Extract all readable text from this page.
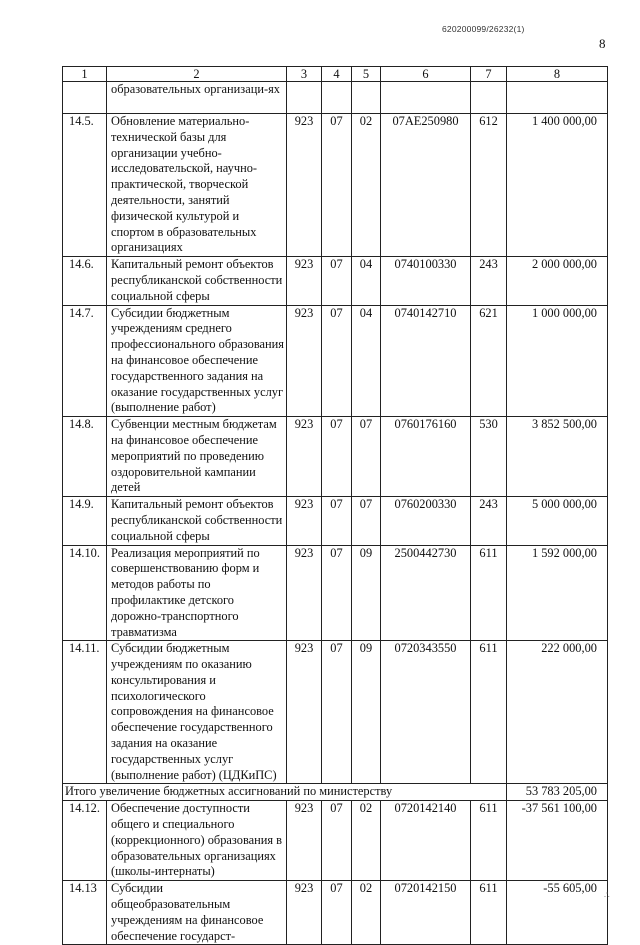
620200099/26232(1)
8
1	2	3	4	5	6	7	8
	образовательных организаци-ях						
14.5.	Обновление материально-технической базы для организации учебно-исследовательской, научно-практической, творческой деятельности, занятий физической культурой и спортом в образовательных организациях	923	07	02	07АЕ250980	612	1 400 000,00
14.6.	Капитальный ремонт объектов республиканской собственности социальной сферы	923	07	04	0740100330	243	2 000 000,00
14.7.	Субсидии бюджетным учреждениям среднего профессионального образования на финансовое обеспечение государственного задания на оказание государственных услуг (выполнение работ)	923	07	04	0740142710	621	1 000 000,00
14.8.	Субвенции местным бюджетам на финансовое обеспечение мероприятий по проведению оздоровительной кампании детей	923	07	07	0760176160	530	3 852 500,00
14.9.	Капитальный ремонт объектов республиканской собственности социальной сферы	923	07	07	0760200330	243	5 000 000,00
14.10.	Реализация мероприятий по совершенствованию форм и методов работы по профилактике детского дорожно-транспортного травматизма	923	07	09	2500442730	611	1 592 000,00
14.11.	Субсидии бюджетным учреждениям по оказанию консультирования и психологического сопровождения на финансовое обеспечение государственного задания на оказание государственных услуг (выполнение работ) (ЦДКиПС)	923	07	09	0720343550	611	222 000,00
Итого увеличение бюджетных ассигнований по министерству							53 783 205,00
14.12.	Обеспечение доступности общего и специального (коррекционного) образования в образовательных организациях (школы-интернаты)	923	07	02	0720142140	611	-37 561 100,00
14.13	Субсидии общеобразовательным учреждениям на финансовое обеспечение государст-	923	07	02	0720142150	611	-55 605,00 ∴
